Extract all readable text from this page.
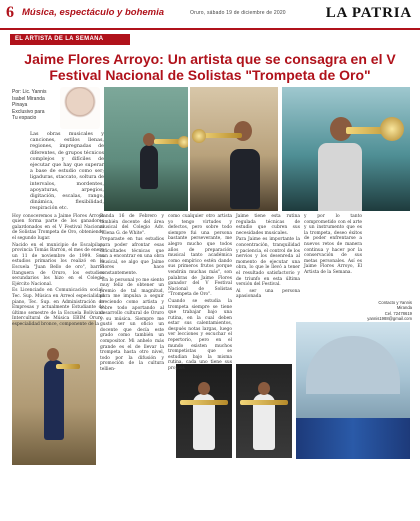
6 Música, espectáculo y bohemia	Oruro, sábado 19 de diciembre de 2020	LA PATRIA
EL ARTISTA DE LA SEMANA
Jaime Flores Arroyo: Un artista que se consagra en el V Festival Nacional de Solistas "Trompeta de Oro"
Por: Lic. Yannis
Isabel Miranda Pinaya
Exclusivo para
Tu espacio

Las obras musicales y canciones, estilos llenas, regiones, impregnadas de diferentes, de grupos técnicos complejos y difíciles de ejecutar que hay que superar a base de estudio como ser; ligaduras, staccato, soltura de intervalos, mordentes, apoyaturas, arpegios, digitación, escalas, rango, dinámica, flexibilidad, respiración etc.

Hoy conoceremos a Jaime Flores Arroyo quien forma parte de los ganadores galardonados en el V Festival Nacional de Solistas Trompeta de Oro, obteniendo el segundo lugar.

Nacido en el municipio de Escalpilas, provincia Tomás Barrón, el mes de enero un 11 de noviembre de 1999. Sus estudios primarios los realizó en la Escuela "Juan Bello de oro", barrio Itanguera de Oruro, los estudios secundarios los hizo en el Colegio Ejército Nacional.

Es Licenciado en Comunicación social, Tec. Sup. Música en Arreol especialidad piano, Tec. Sup. en Administración de Empresas y actualmente Estudiante de último semestre de la Escuela Boliviana Intercultural de Música EBIM Oruro, especialidad bronce, componente de la

Banda 16 de Febrero y también docente del área musical del Colegio Adv. "Elena G. de White".

Preparaste en tus estudios para poder afrontar esas dificultades técnicas que van a encontrar en una obra musical, se algo que Jaime Flores hace constantemente.

"En lo personal yo me siento muy feliz de obtener un premio de tal magnitud, para me impulsa a seguir creciendo como artista y sobre todo aportando al desarrollo cultural de Oruro y su música. Siempre me gustó ser un oficio un docente que decía este grado como también un compositor. Mi anhelo más grande es el de llevar la trompeta hasta otro nivel, todo por la difusión y promoción de la cultura tellien-

como cualquier otro artista yo tengo virtudes y defectos, pero sobre todo siempre fui una persona bastante perseverante, me alegro mucho que todos años de preparación musical tanto académica como empírico estén dando sus primeros frutos porque vendrán muchas más", son palabras de Jaime Flores ganador del V Festival Nacional de Solistas "Trompeta de Oro".

Cuando se estudia la trompeta siempre se tiene que trabajar bajo una rutina, en la cual deben estar sus calentamientos, después notas largas, luego ver lecciones y escuchar el repertorio, pero en el mundo existen muchos trompetistas que se estudian bajo la misma rutina, cada uno tiene sus propios

Jaime tiene esta rutina regulada técnicas de estudio que cubren sus necesidades musicales.

Para Jaime es importante la concentración, tranquilidad y paciencia, el control de los nervios y los desenreda al momento de ejecutar una obra, lo que le llevó a tener el resultado satisfactorio y de triunfo en esta última versión del Festival.

Al ser una persona apasionada

y por lo tanto comprometido con el arte y un instrumento que es la trompeta, deseo éxitos de poder enfrentarse a nuevos retos de manera continua y hacer por la conservación de sus metas personales. Así es Jaime Flores Arroyo, El Artista de la Semana.

Contacto y Yannis Miranda
Cel. 72478619
yannis1988@gmail.com
